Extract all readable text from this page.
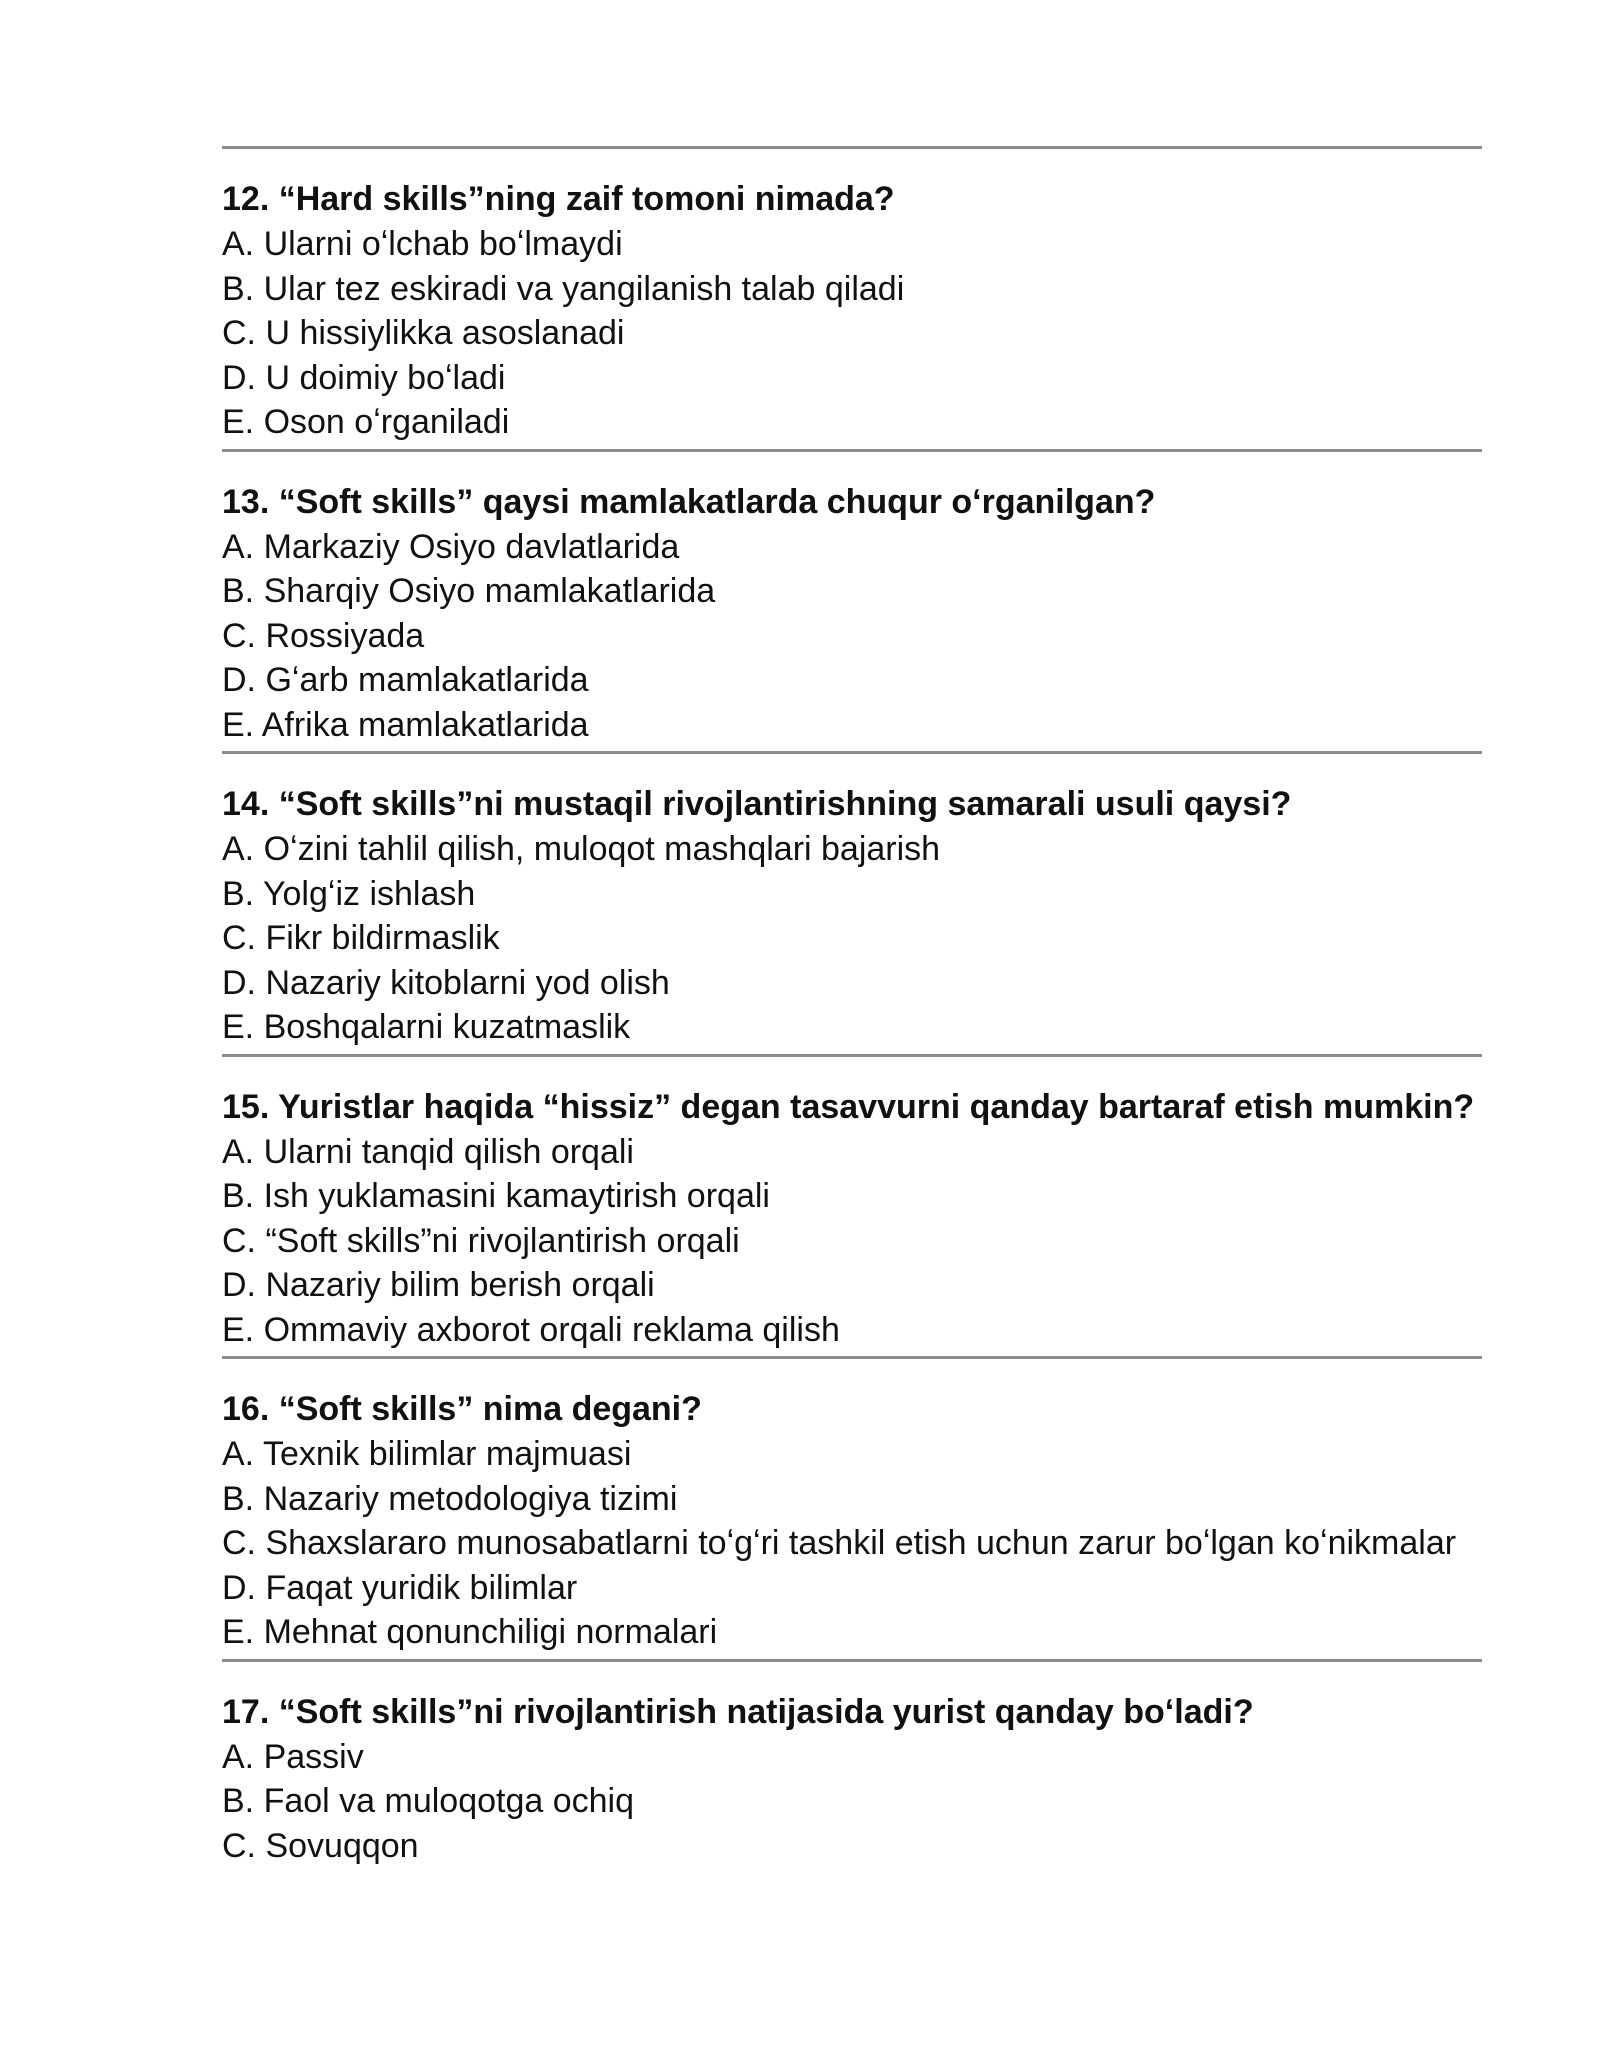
12. “Hard skills”ning zaif tomoni nimada?
A. Ularni oʻlchab boʻlmaydi
B. Ular tez eskiradi va yangilanish talab qiladi
C. U hissiylikka asoslanadi
D. U doimiy boʻladi
E. Oson oʻrganiladi
13. “Soft skills” qaysi mamlakatlarda chuqur oʻrganilgan?
A. Markaziy Osiyo davlatlarida
B. Sharqiy Osiyo mamlakatlarida
C. Rossiyada
D. Gʻarb mamlakatlarida
E. Afrika mamlakatlarida
14. “Soft skills”ni mustaqil rivojlantirishning samarali usuli qaysi?
A. Oʻzini tahlil qilish, muloqot mashqlari bajarish
B. Yolgʻiz ishlash
C. Fikr bildirmaslik
D. Nazariy kitoblarni yod olish
E. Boshqalarni kuzatmaslik
15. Yuristlar haqida “hissiz” degan tasavvurni qanday bartaraf etish mumkin?
A. Ularni tanqid qilish orqali
B. Ish yuklamasini kamaytirish orqali
C. “Soft skills”ni rivojlantirish orqali
D. Nazariy bilim berish orqali
E. Ommaviy axborot orqali reklama qilish
16. “Soft skills” nima degani?
A. Texnik bilimlar majmuasi
B. Nazariy metodologiya tizimi
C. Shaxslararo munosabatlarni toʻgʻri tashkil etish uchun zarur boʻlgan koʻnikmalar
D. Faqat yuridik bilimlar
E. Mehnat qonunchiligi normalari
17. “Soft skills”ni rivojlantirish natijasida yurist qanday boʻladi?
A. Passiv
B. Faol va muloqotga ochiq
C. Sovuqqon
